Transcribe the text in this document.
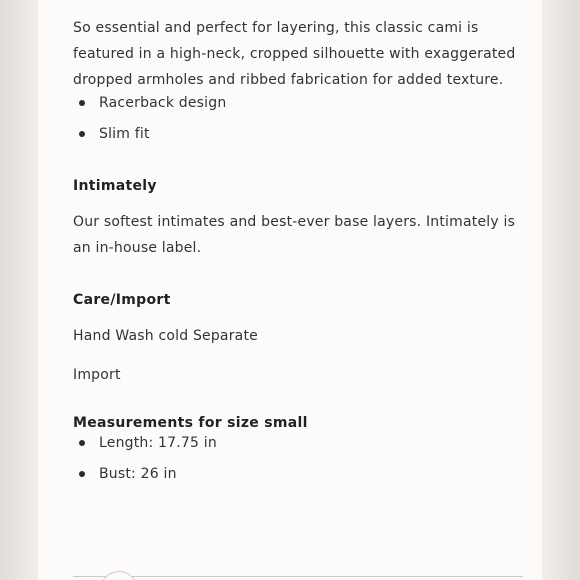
So essential and perfect for layering, this classic cami is featured in a high-neck, cropped silhouette with exaggerated dropped armholes and ribbed fabrication for added texture.

Racerback design
Slim fit
Intimately

Our softest intimates and best-ever base layers. Intimately is an in-house label.

Care/Import

Hand Wash cold Separate

Import

Measurements for size small
Length: 17.75 in
Bust: 26 in
